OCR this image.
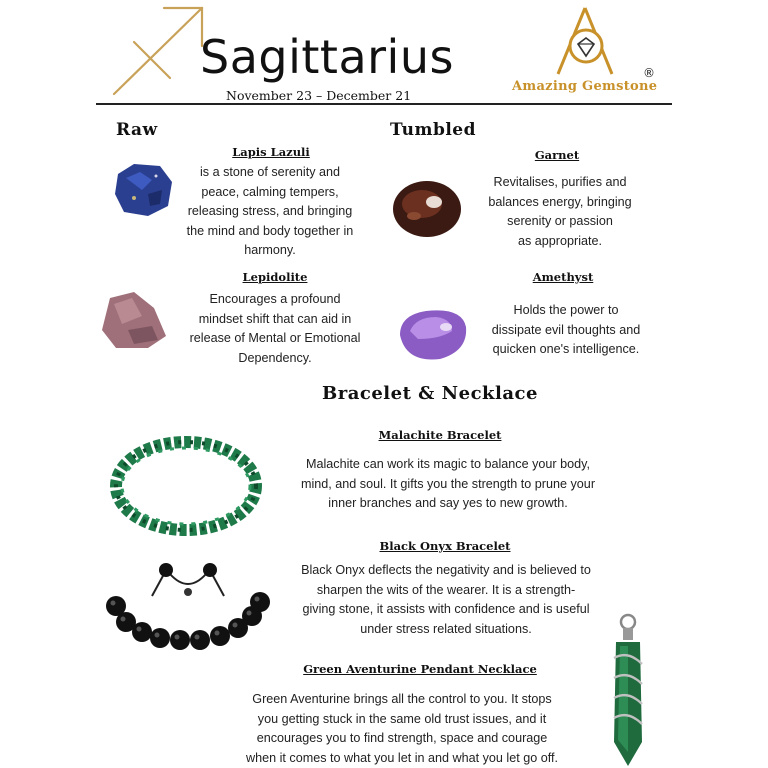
Sagittarius
November 23 – December 21
Amazing Gemstone
®
Raw	Tumbled
Bracelet & Necklace
Lapis Lazuli
is a stone of serenity and
peace, calming tempers,
releasing stress, and bringing
the mind and body together in
harmony.
Lepidolite
Encourages a profound
mindset shift that can aid in
release of Mental or Emotional
Dependency.
Garnet
Revitalises, purifies and
balances energy, bringing
serenity or passion
as appropriate.
Amethyst
Holds the power to
dissipate evil thoughts and
quicken one's intelligence.
Malachite Bracelet
Malachite can work its magic to balance your body,
mind, and soul. It gifts you the strength to prune your
inner branches and say yes to new growth.
Black Onyx Bracelet
Black Onyx deflects the negativity and is believed to
sharpen the wits of the wearer. It is a strength-
giving stone, it assists with confidence and is useful
under stress related situations.
Green Aventurine Pendant Necklace
Green Aventurine brings all the control to you. It stops
you getting stuck in the same old trust issues, and it
encourages you to find strength, space and courage
when it comes to what you let in and what you let go off.
